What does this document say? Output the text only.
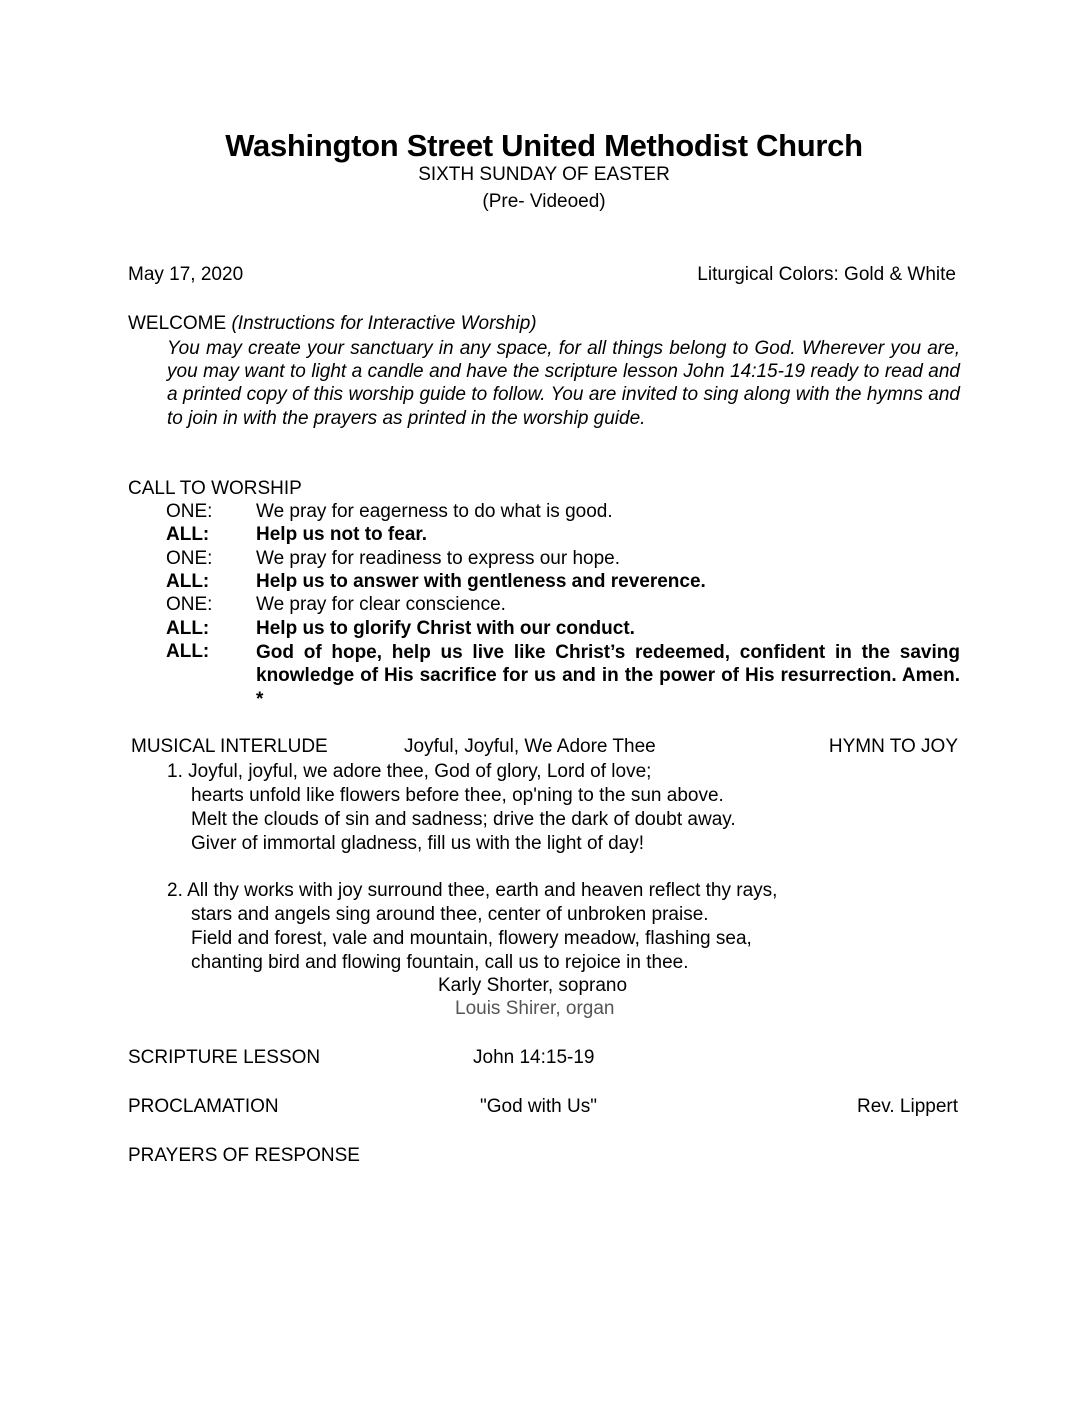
Washington Street United Methodist Church
SIXTH SUNDAY OF EASTER
(Pre- Videoed)
May 17, 2020	Liturgical Colors: Gold & White
WELCOME (Instructions for Interactive Worship)
You may create your sanctuary in any space, for all things belong to God. Wherever you are, you may want to light a candle and have the scripture lesson John 14:15-19 ready to read and a printed copy of this worship guide to follow. You are invited to sing along with the hymns and to join in with the prayers as printed in the worship guide.
CALL TO WORSHIP
ONE: We pray for eagerness to do what is good.
ALL: Help us not to fear.
ONE: We pray for readiness to express our hope.
ALL: Help us to answer with gentleness and reverence.
ONE: We pray for clear conscience.
ALL: Help us to glorify Christ with our conduct.
ALL: God of hope, help us live like Christ’s redeemed, confident in the saving knowledge of His sacrifice for us and in the power of His resurrection. Amen. *
MUSICAL INTERLUDE	Joyful, Joyful, We Adore Thee	HYMN TO JOY
1. Joyful, joyful, we adore thee, God of glory, Lord of love;
hearts unfold like flowers before thee, op'ning to the sun above.
Melt the clouds of sin and sadness; drive the dark of doubt away.
Giver of immortal gladness, fill us with the light of day!
2. All thy works with joy surround thee, earth and heaven reflect thy rays,
stars and angels sing around thee, center of unbroken praise.
Field and forest, vale and mountain, flowery meadow, flashing sea,
chanting bird and flowing fountain, call us to rejoice in thee.
Karly Shorter, soprano
Louis Shirer, organ
SCRIPTURE LESSON	John 14:15-19
PROCLAMATION	"God with Us"	Rev. Lippert
PRAYERS OF RESPONSE
